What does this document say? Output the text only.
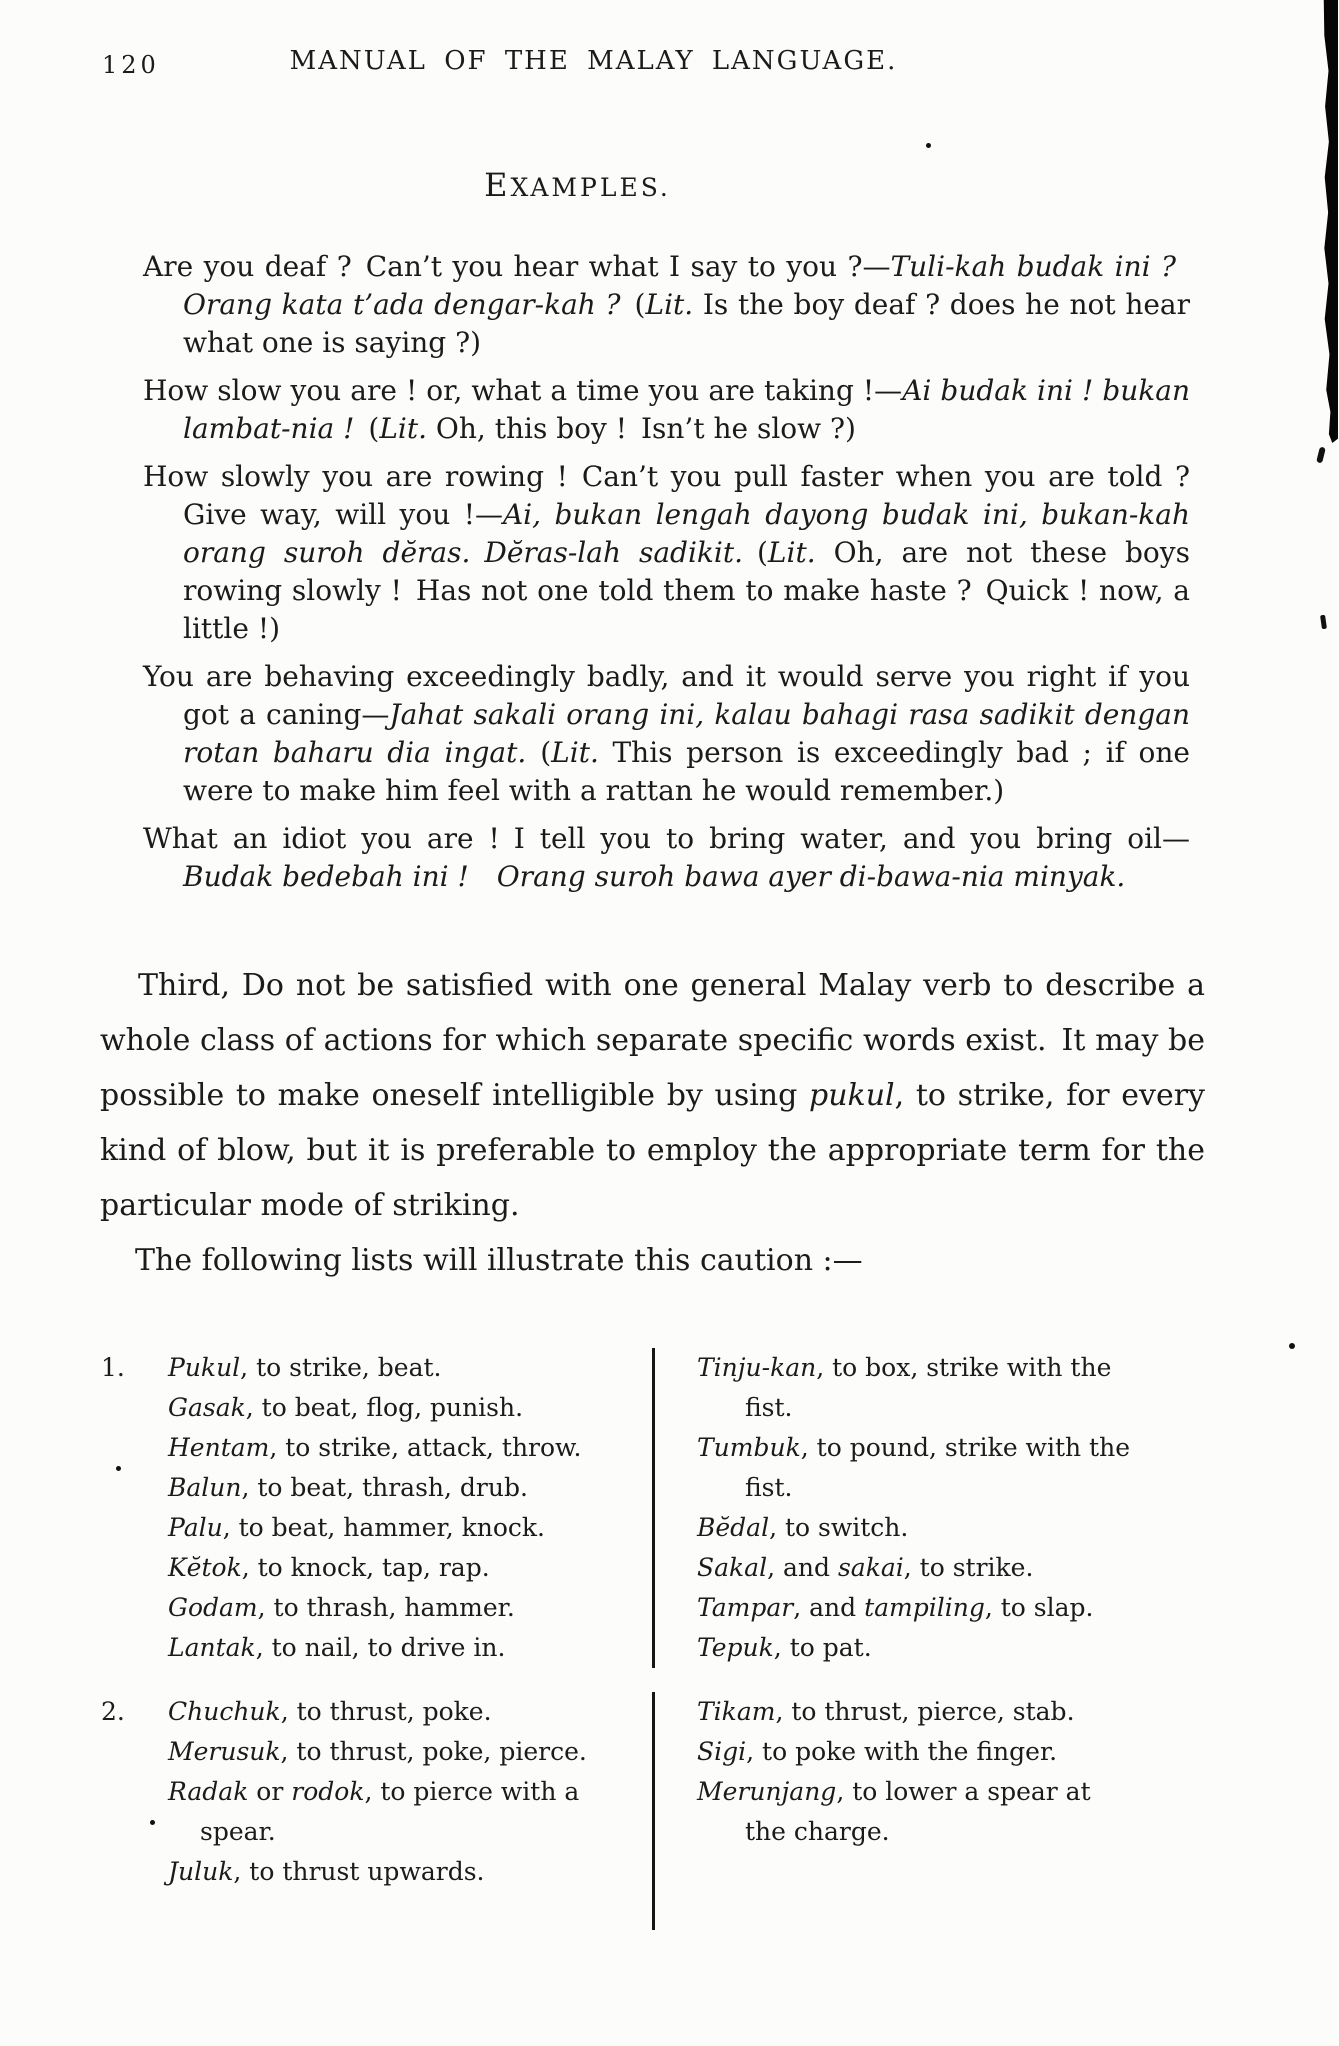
120	MANUAL OF THE MALAY LANGUAGE.
EXAMPLES.

Are you deaf ? Can’t you hear what I say to you ?—Tuli-kah budak ini ? Orang kata t’ada dengar-kah ? (Lit. Is the boy deaf ? does he not hear what one is saying ?)

How slow you are ! or, what a time you are taking !—Ai budak ini ! bukan lambat-nia ! (Lit. Oh, this boy ! Isn’t he slow ?)

How slowly you are rowing ! Can’t you pull faster when you are told ? Give way, will you !—Ai, bukan lengah dayong budak ini, bukan-kah orang suroh dĕras. Dĕras-lah sadikit. (Lit. Oh, are not these boys rowing slowly ! Has not one told them to make haste ? Quick ! now, a little !)

You are behaving exceedingly badly, and it would serve you right if you got a caning—Jahat sakali orang ini, kalau bahagi rasa sadikit dengan rotan baharu dia ingat. (Lit. This person is exceedingly bad ; if one were to make him feel with a rattan he would remember.)

What an idiot you are ! I tell you to bring water, and you bring oil—Budak bedebah ini ! Orang suroh bawa ayer di-bawa-nia minyak.

Third, Do not be satisfied with one general Malay verb to describe a whole class of actions for which separate specific words exist. It may be possible to make oneself intelligible by using pukul, to strike, for every kind of blow, but it is preferable to employ the appropriate term for the particular mode of striking.

The following lists will illustrate this caution :—

1.	Pukul, to strike, beat.
Gasak, to beat, flog, punish.
Hentam, to strike, attack, throw.
Balun, to beat, thrash, drub.
Palu, to beat, hammer, knock.
Kĕtok, to knock, tap, rap.
Godam, to thrash, hammer.
Lantak, to nail, to drive in.
Tinju-kan, to box, strike with the fist.
Tumbuk, to pound, strike with the fist.
Bĕdal, to switch.
Sakal, and sakai, to strike.
Tampar, and tampiling, to slap.
Tepuk, to pat.
2.	Chuchuk, to thrust, poke.
Merusuk, to thrust, poke, pierce.
Radak or rodok, to pierce with a spear.
Juluk, to thrust upwards.
Tikam, to thrust, pierce, stab.
Sigi, to poke with the finger.
Merunjang, to lower a spear at the charge.
